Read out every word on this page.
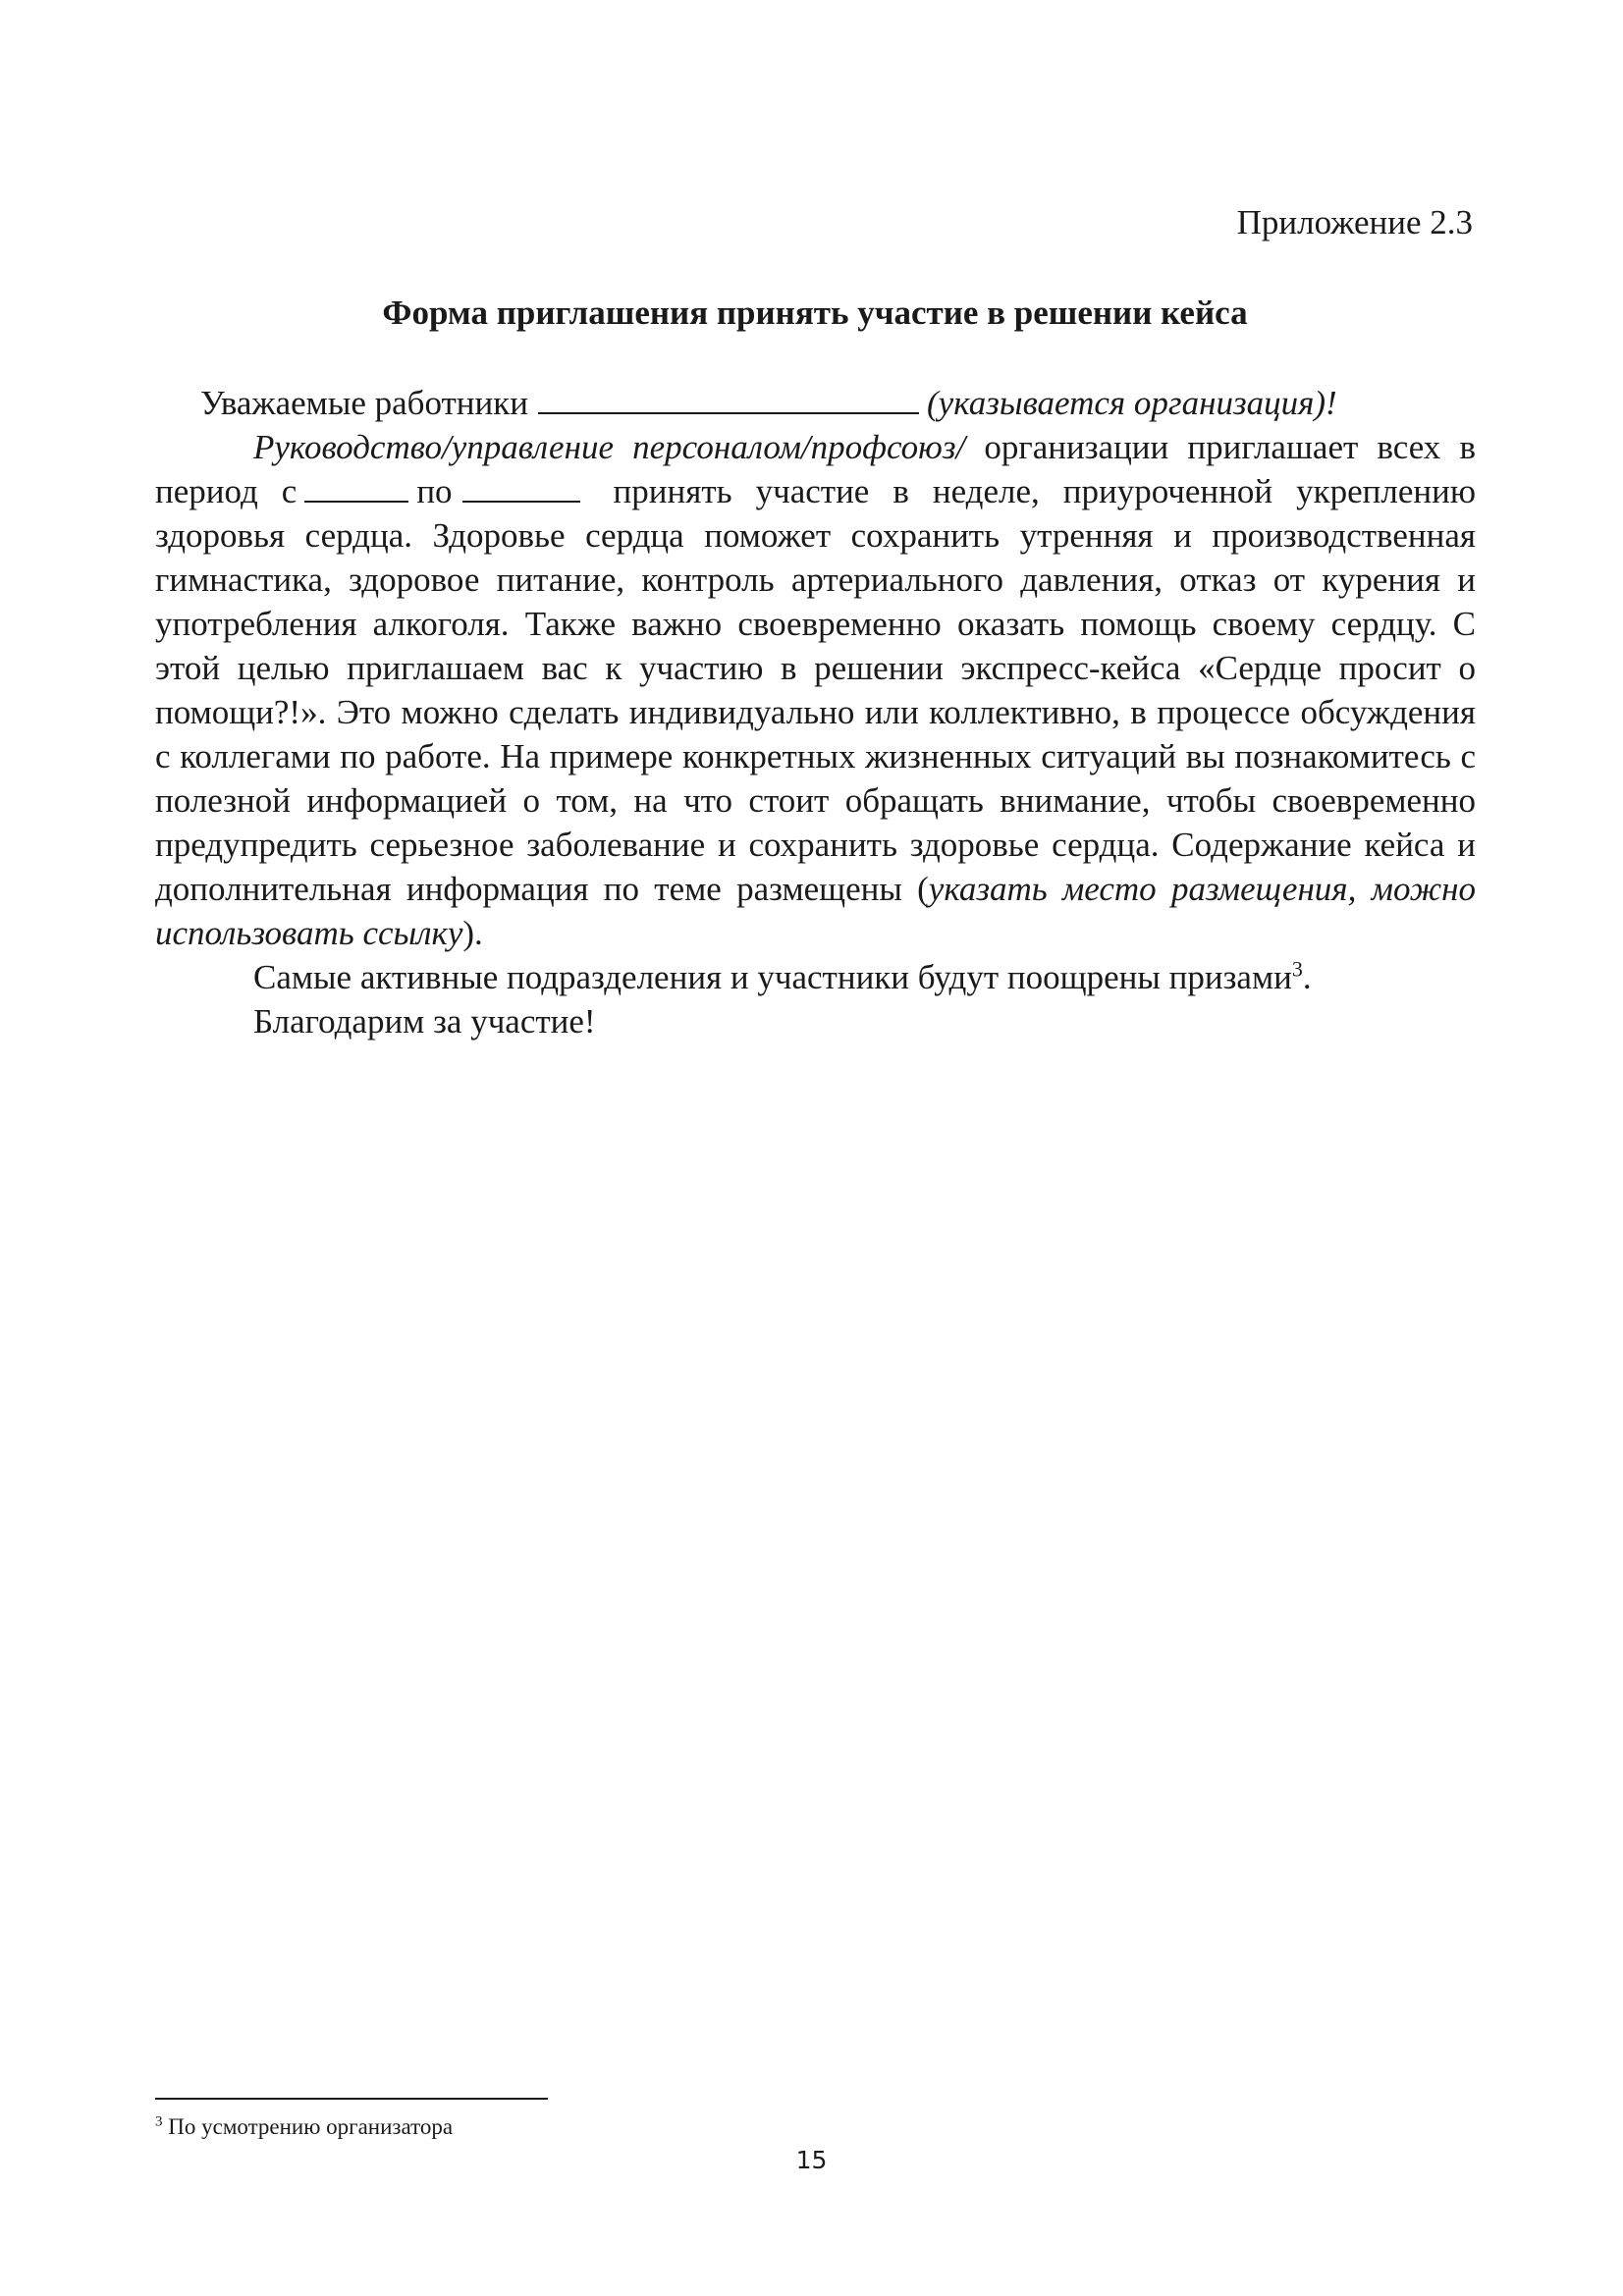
Приложение 2.3
Форма приглашения принять участие в решении кейса

Уважаемые работники	(указывается организация)!

Руководство/управление персоналом/профсоюз/ организации приглашает всех в период с	по	принять участие в неделе, приуроченной укреплению здоровья сердца. Здоровье сердца поможет сохранить утренняя и производственная гимнастика, здоровое питание, контроль артериального давления, отказ от курения и употребления алкоголя. Также важно своевременно оказать помощь своему сердцу. С этой целью приглашаем вас к участию в решении экспресс-кейса «Сердце просит о помощи?!». Это можно сделать индивидуально или коллективно, в процессе обсуждения с коллегами по работе. На примере конкретных жизненных ситуаций вы познакомитесь с полезной информацией о том, на что стоит обращать внимание, чтобы своевременно предупредить серьезное заболевание и сохранить здоровье сердца. Содержание кейса и дополнительная информация по теме размещены (указать место размещения, можно использовать ссылку).

Самые активные подразделения и участники будут поощрены призами$^3$.

Благодарим за участие!

$^3$ По усмотрению организатора
15
